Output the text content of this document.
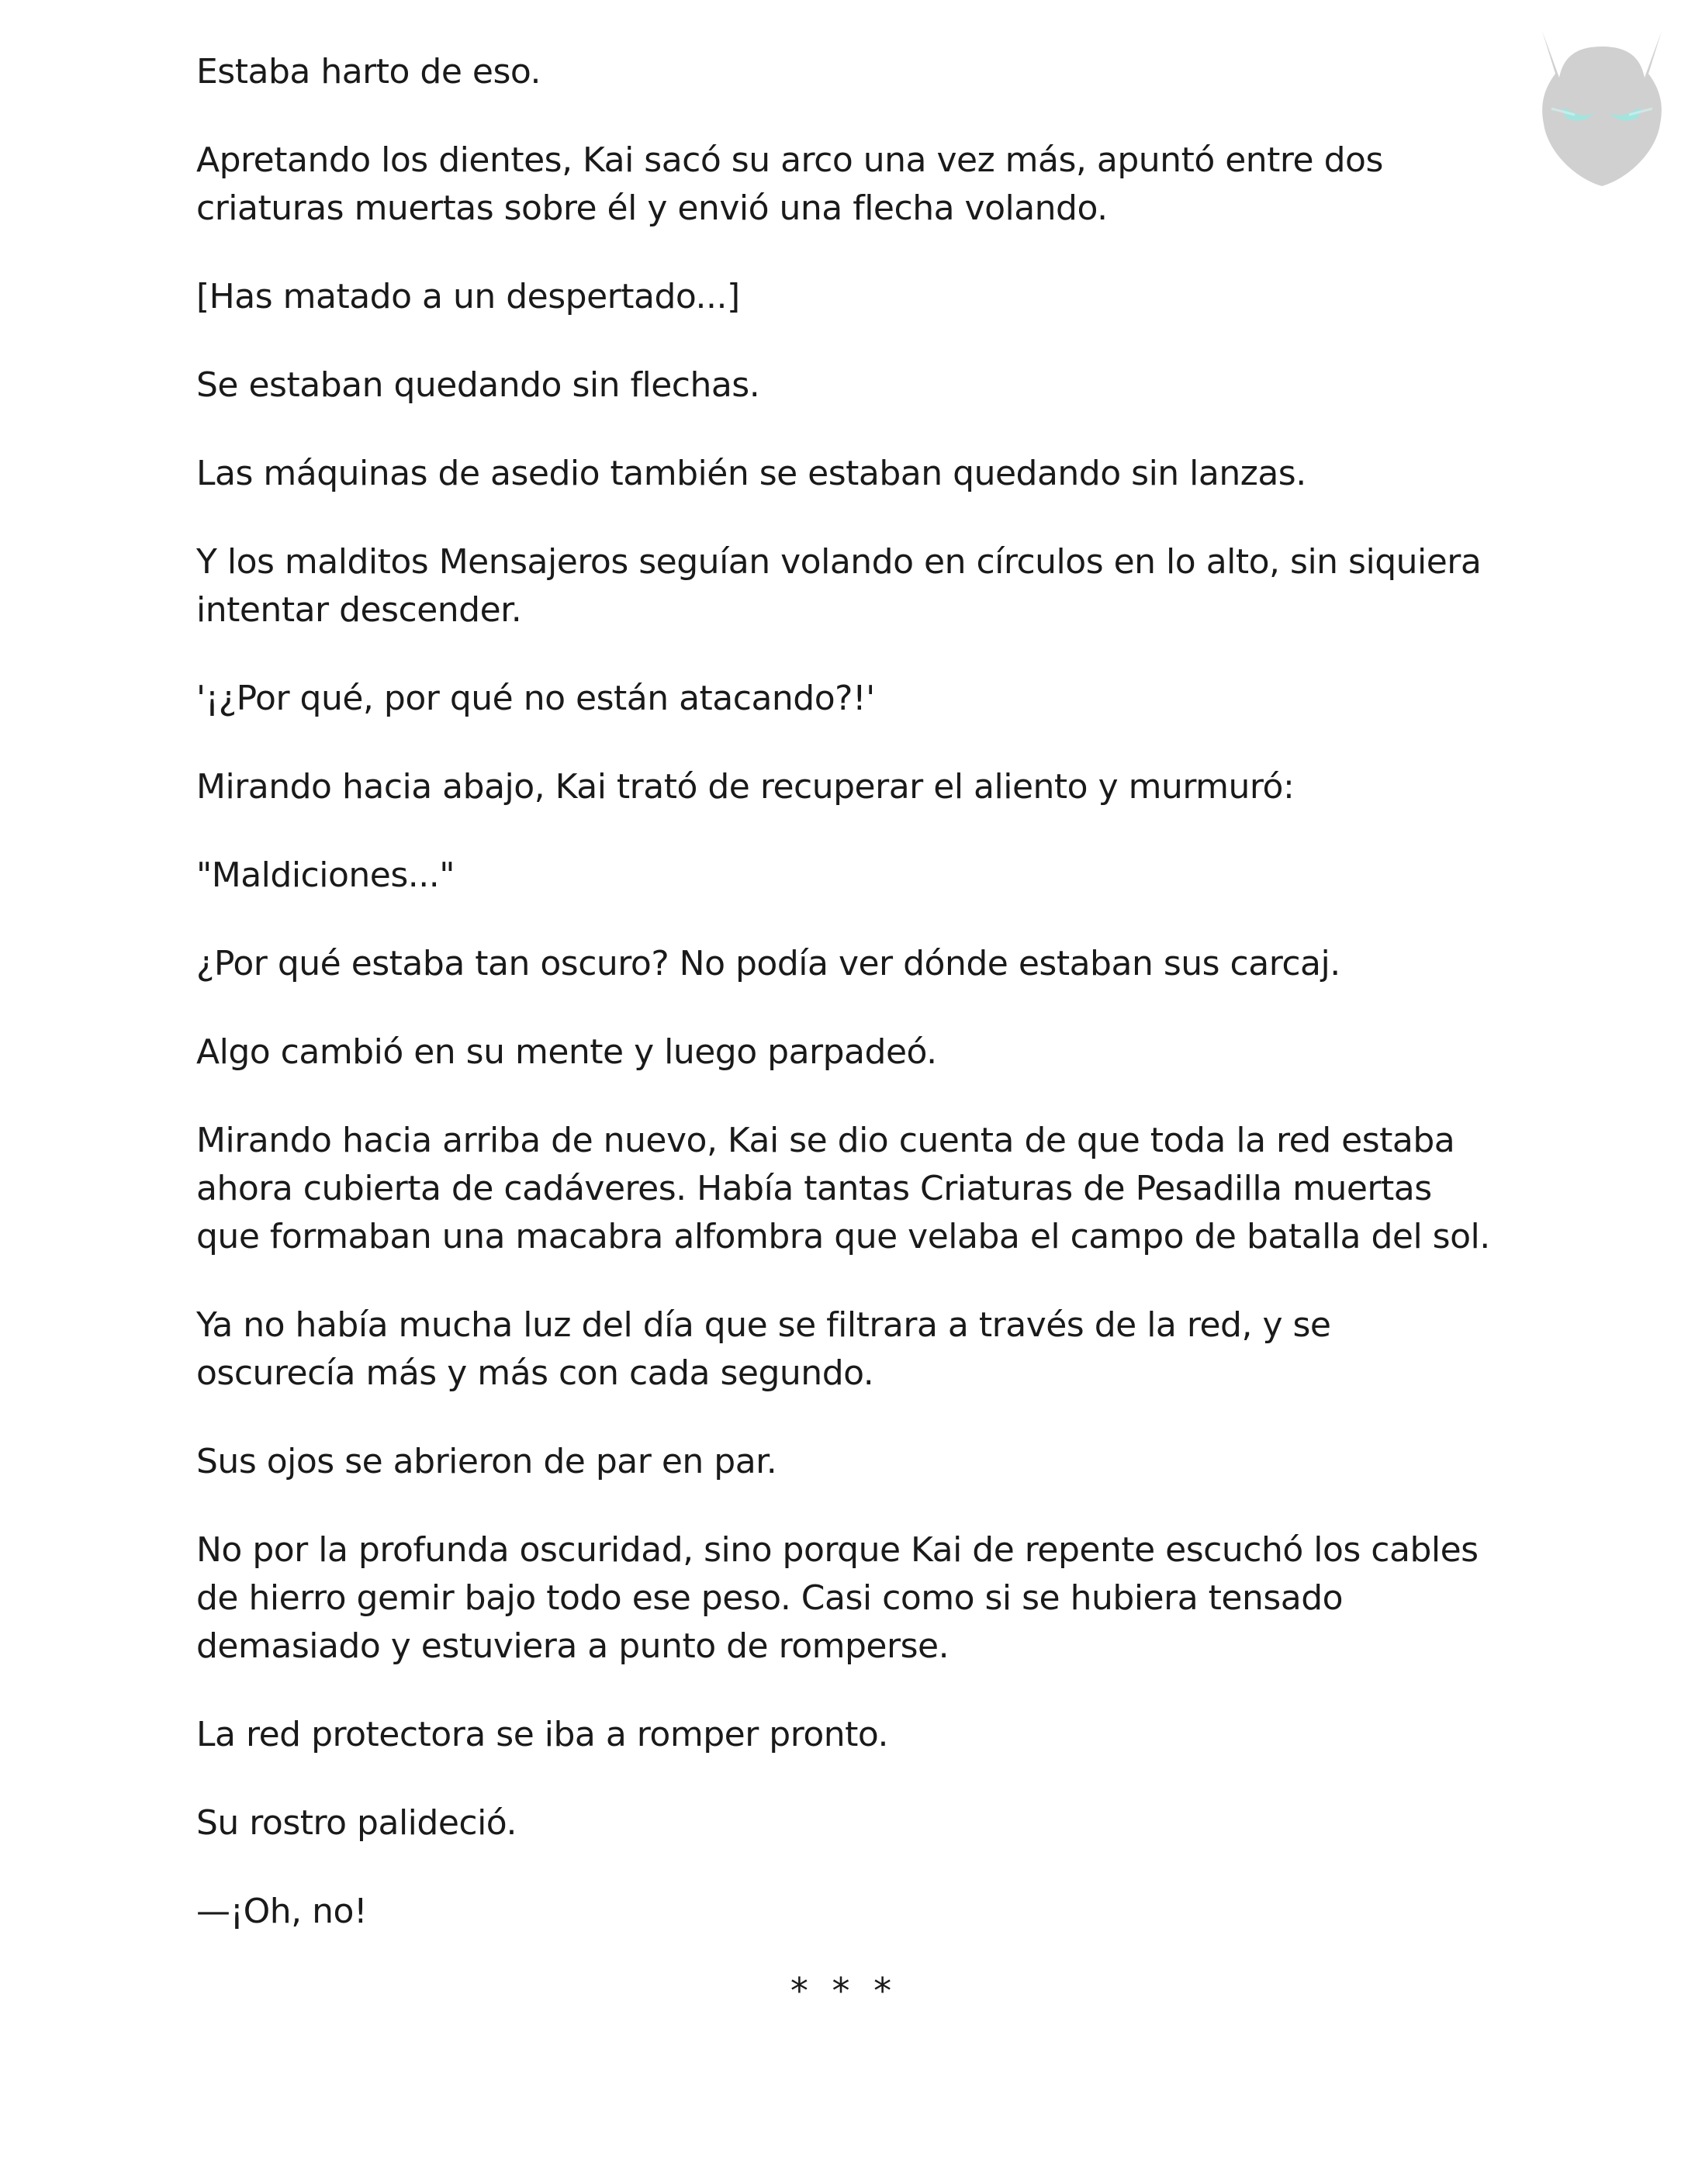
Estaba harto de eso.

Apretando los dientes, Kai sacó su arco una vez más, apuntó entre dos criaturas muertas sobre él y envió una flecha volando.

[Has matado a un despertado...]

Se estaban quedando sin flechas.

Las máquinas de asedio también se estaban quedando sin lanzas.

Y los malditos Mensajeros seguían volando en círculos en lo alto, sin siquiera intentar descender.

'¡¿Por qué, por qué no están atacando?!'

Mirando hacia abajo, Kai trató de recuperar el aliento y murmuró:

"Maldiciones..."

¿Por qué estaba tan oscuro? No podía ver dónde estaban sus carcaj.

Algo cambió en su mente y luego parpadeó.

Mirando hacia arriba de nuevo, Kai se dio cuenta de que toda la red estaba ahora cubierta de cadáveres. Había tantas Criaturas de Pesadilla muertas que formaban una macabra alfombra que velaba el campo de batalla del sol.

Ya no había mucha luz del día que se filtrara a través de la red, y se oscurecía más y más con cada segundo.

Sus ojos se abrieron de par en par.

No por la profunda oscuridad, sino porque Kai de repente escuchó los cables de hierro gemir bajo todo ese peso. Casi como si se hubiera tensado demasiado y estuviera a punto de romperse.

La red protectora se iba a romper pronto.

Su rostro palideció.

—¡Oh, no!

* * *
